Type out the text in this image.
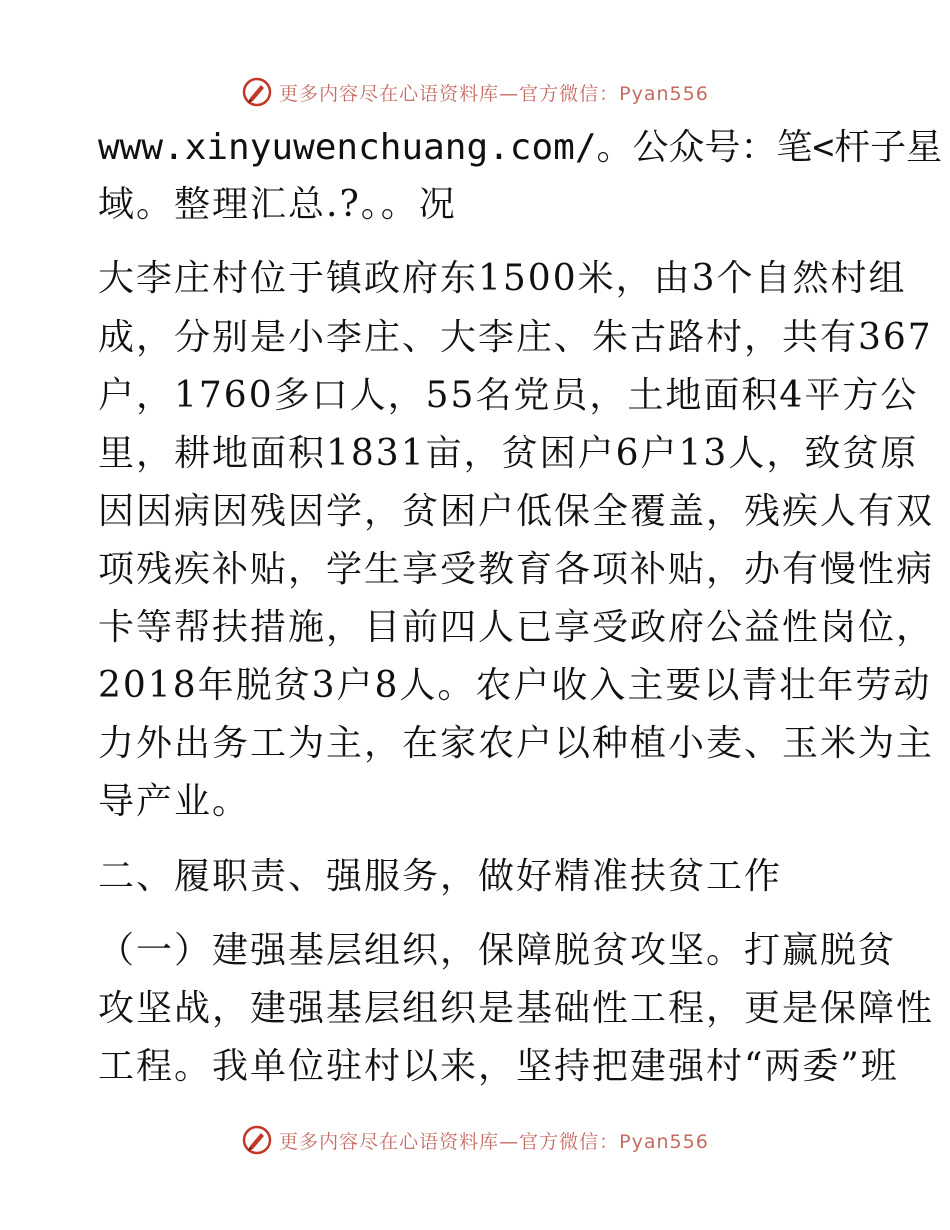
更多内容尽在心语资料库—官方微信：Pyan556
www.xinyuwenchuang.com/。公众号：笔<杆子星
域。整理汇总.?。。况
大李庄村位于镇政府东1500米，由3个自然村组
成，分别是小李庄、大李庄、朱古路村，共有367
户，1760多口人，55名党员，土地面积4平方公
里，耕地面积1831亩，贫困户6户13人，致贫原
因因病因残因学，贫困户低保全覆盖，残疾人有双
项残疾补贴，学生享受教育各项补贴，办有慢性病
卡等帮扶措施，目前四人已享受政府公益性岗位，
2018年脱贫3户8人。农户收入主要以青壮年劳动
力外出务工为主，在家农户以种植小麦、玉米为主
导产业。
二、履职责、强服务，做好精准扶贫工作
（一）建强基层组织，保障脱贫攻坚。打赢脱贫
攻坚战，建强基层组织是基础性工程，更是保障性
工程。我单位驻村以来，坚持把建强村“两委”班
更多内容尽在心语资料库—官方微信：Pyan556
